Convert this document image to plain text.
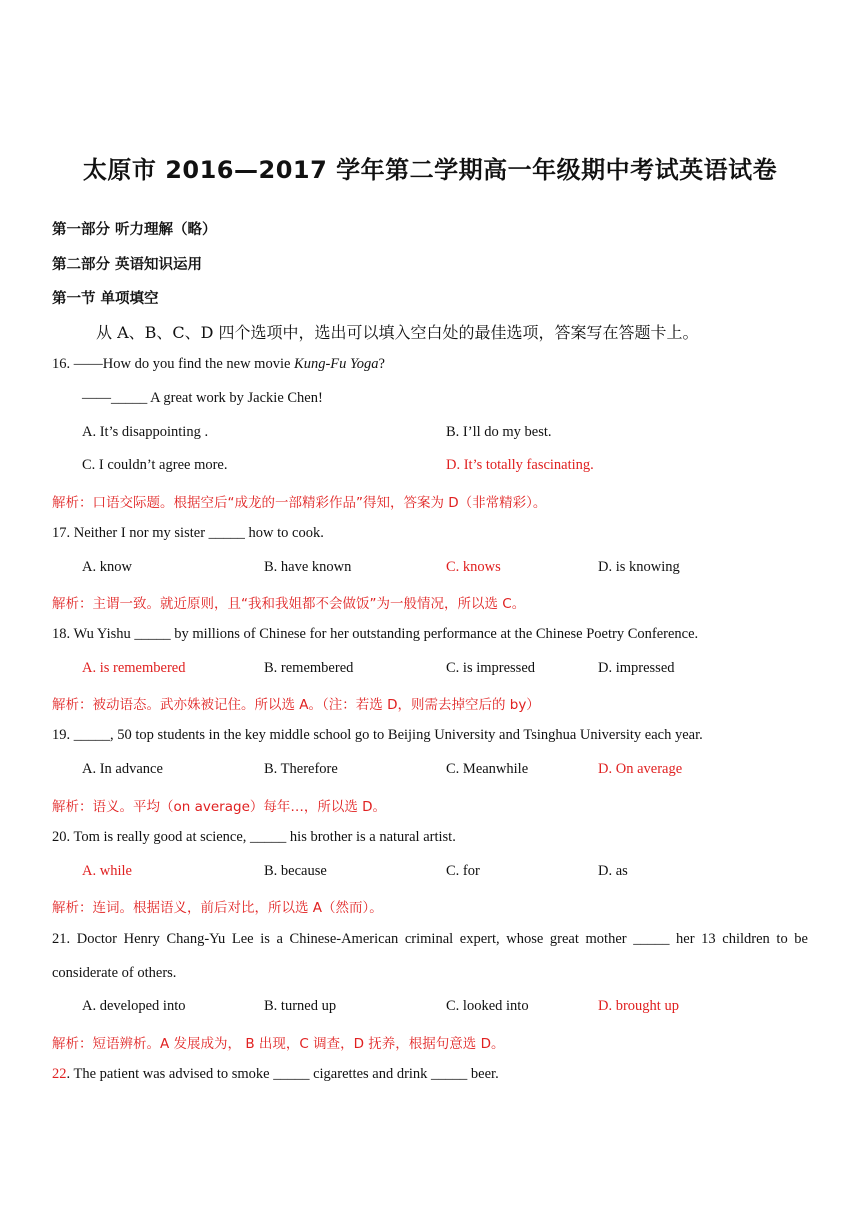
太原市 2016—2017 学年第二学期高一年级期中考试英语试卷
第一部分 听力理解（略）
第二部分 英语知识运用
第一节 单项填空
从 A、B、C、D 四个选项中，选出可以填入空白处的最佳选项，答案写在答题卡上。
16. ——How do you find the new movie Kung-Fu Yoga?
——_____ A great work by Jackie Chen!
A. It’s disappointing .	B. I’ll do my best.
C. I couldn’t agree more.	D. It’s totally fascinating.
解析：口语交际题。根据空后“成龙的一部精彩作品”得知，答案为 D（非常精彩）。
17. Neither I nor my sister _____ how to cook.
A. know	B. have known	C. knows	D. is knowing
解析：主谓一致。就近原则，且“我和我姐都不会做饭”为一般情况，所以选 C。
18. Wu Yishu _____ by millions of Chinese for her outstanding performance at the Chinese Poetry Conference.
A. is remembered	B. remembered	C. is impressed	D. impressed
解析：被动语态。武亦姝被记住。所以选 A。（注：若选 D，则需去掉空后的 by）
19. _____, 50 top students in the key middle school go to Beijing University and Tsinghua University each year.
A. In advance	B. Therefore	C. Meanwhile	D. On average
解析：语义。平均（on average）每年…，所以选 D。
20. Tom is really good at science, _____ his brother is a natural artist.
A. while	B. because	C. for	D. as
解析：连词。根据语义，前后对比，所以选 A（然而）。
21. Doctor Henry Chang-Yu Lee is a Chinese-American criminal expert, whose great mother _____ her 13 children to be considerate of others.
A. developed into	B. turned up	C. looked into	D. brought up
解析：短语辨析。A 发展成为， B 出现，C 调查，D 抚养，根据句意选 D。
22. The patient was advised to smoke _____ cigarettes and drink _____ beer.
